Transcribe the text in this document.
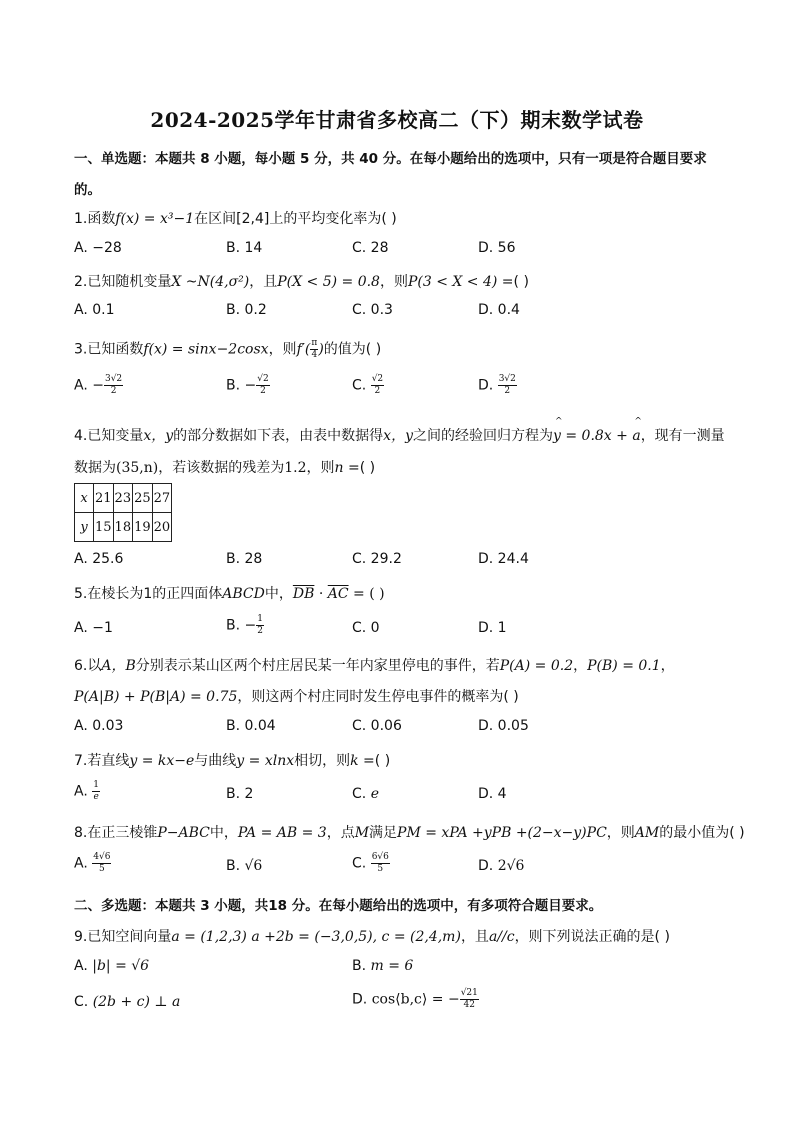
2024-2025学年甘肃省多校高二（下）期末数学试卷
一、单选题：本题共 8 小题，每小题 5 分，共 40 分。在每小题给出的选项中，只有一项是符合题目要求
的。
1.函数f(x) = x³−1在区间[2,4]上的平均变化率为( )
A. −28	B. 14	C. 28	D. 56
2.已知随机变量X ~N(4,σ²)，且P(X < 5) = 0.8，则P(3 < X < 4) =( )
A. 0.1	B. 0.2	C. 0.3	D. 0.4
3.已知函数f(x) = sinx−2cosx，则$f'( \frac{\pi}{4}$ )的值为( )
A. − $\frac{3√2}{2}$	B. − $\frac{√2}{2}$	C. $\frac{√2}{2}$	D. $\frac{3√2}{2}$
4.已知变量x，y的部分数据如下表，由表中数据得x，y之间的经验回归方程为^ y = 0.8x + ^ a，现有一测量
数据为(35,n)，若该数据的残差为1.2，则n =( )
x	21	23	25	27
y	15	18	19	20
A. 25.6	B. 28	C. 29.2	D. 24.4
5.在棱长为1的正四面体ABCD中，$\overline{DB} \cdot \overline{AC}$ = ( )
A. −1	B. − $\frac{1}{2}$	C. 0	D. 1
6.以A，B分别表示某山区两个村庄居民某一年内家里停电的事件，若P(A) = 0.2，P(B) = 0.1，
P(A|B) + P(B|A) = 0.75，则这两个村庄同时发生停电事件的概率为( )
A. 0.03	B. 0.04	C. 0.06	D. 0.05
7.若直线y = kx−e与曲线y = xlnx相切，则k =( )
A. $\frac{1}{e}$	B. 2	C. e	D. 4
8.在正三棱锥P−ABC中，PA = AB = 3，点M满足PM = xPA +yPB +(2−x−y)PC，则AM的最小值为( )
A. $\frac{4√6}{5}$	B. √6	C. $\frac{6√6}{5}$	D. 2√6
二、多选题：本题共 3 小题，共18 分。在每小题给出的选项中，有多项符合题目要求。
9.已知空间向量a = (1,2,3) a +2b = (−3,0,5), c = (2,4,m)，且a//c，则下列说法正确的是( )
A. |b| = √6	B. m = 6
C. (2b + c) ⊥ a	D. cos⟨b,c⟩ = − $\frac{√21}{42}$
